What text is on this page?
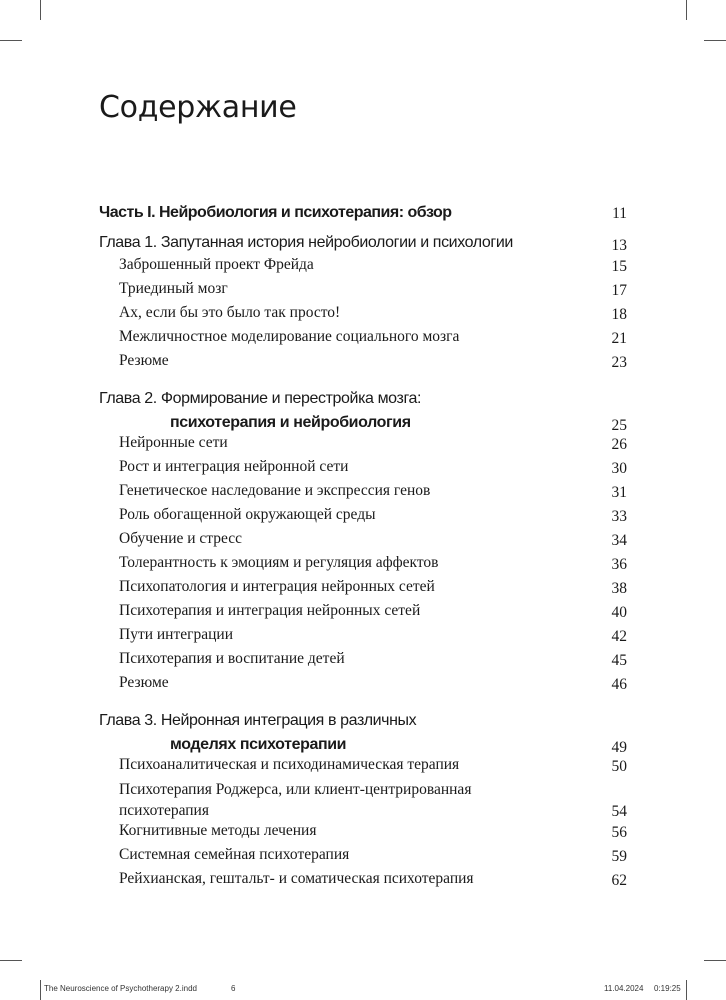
Содержание
Часть I. Нейробиология и психотерапия: обзор	11
Глава 1. Запутанная история нейробиологии и психологии	13
Заброшенный проект Фрейда	15
Триединый мозг	17
Ах, если бы это было так просто!	18
Межличностное моделирование социального мозга	21
Резюме	23
Глава 2. Формирование и перестройка мозга:
психотерапия и нейробиология	25
Нейронные сети	26
Рост и интеграция нейронной сети	30
Генетическое наследование и экспрессия генов	31
Роль обогащенной окружающей среды	33
Обучение и стресс	34
Толерантность к эмоциям и регуляция аффектов	36
Психопатология и интеграция нейронных сетей	38
Психотерапия и интеграция нейронных сетей	40
Пути интеграции	42
Психотерапия и воспитание детей	45
Резюме	46
Глава 3. Нейронная интеграция в различных
моделях психотерапии	49
Психоаналитическая и психодинамическая терапия	50
Психотерапия Роджерса, или клиент-центрированная психотерапия	54
Когнитивные методы лечения	56
Системная семейная психотерапия	59
Рейхианская, гештальт- и соматическая психотерапия	62
The Neuroscience of Psychotherapy 2.indd	6	11.04.2024 0:19:25
